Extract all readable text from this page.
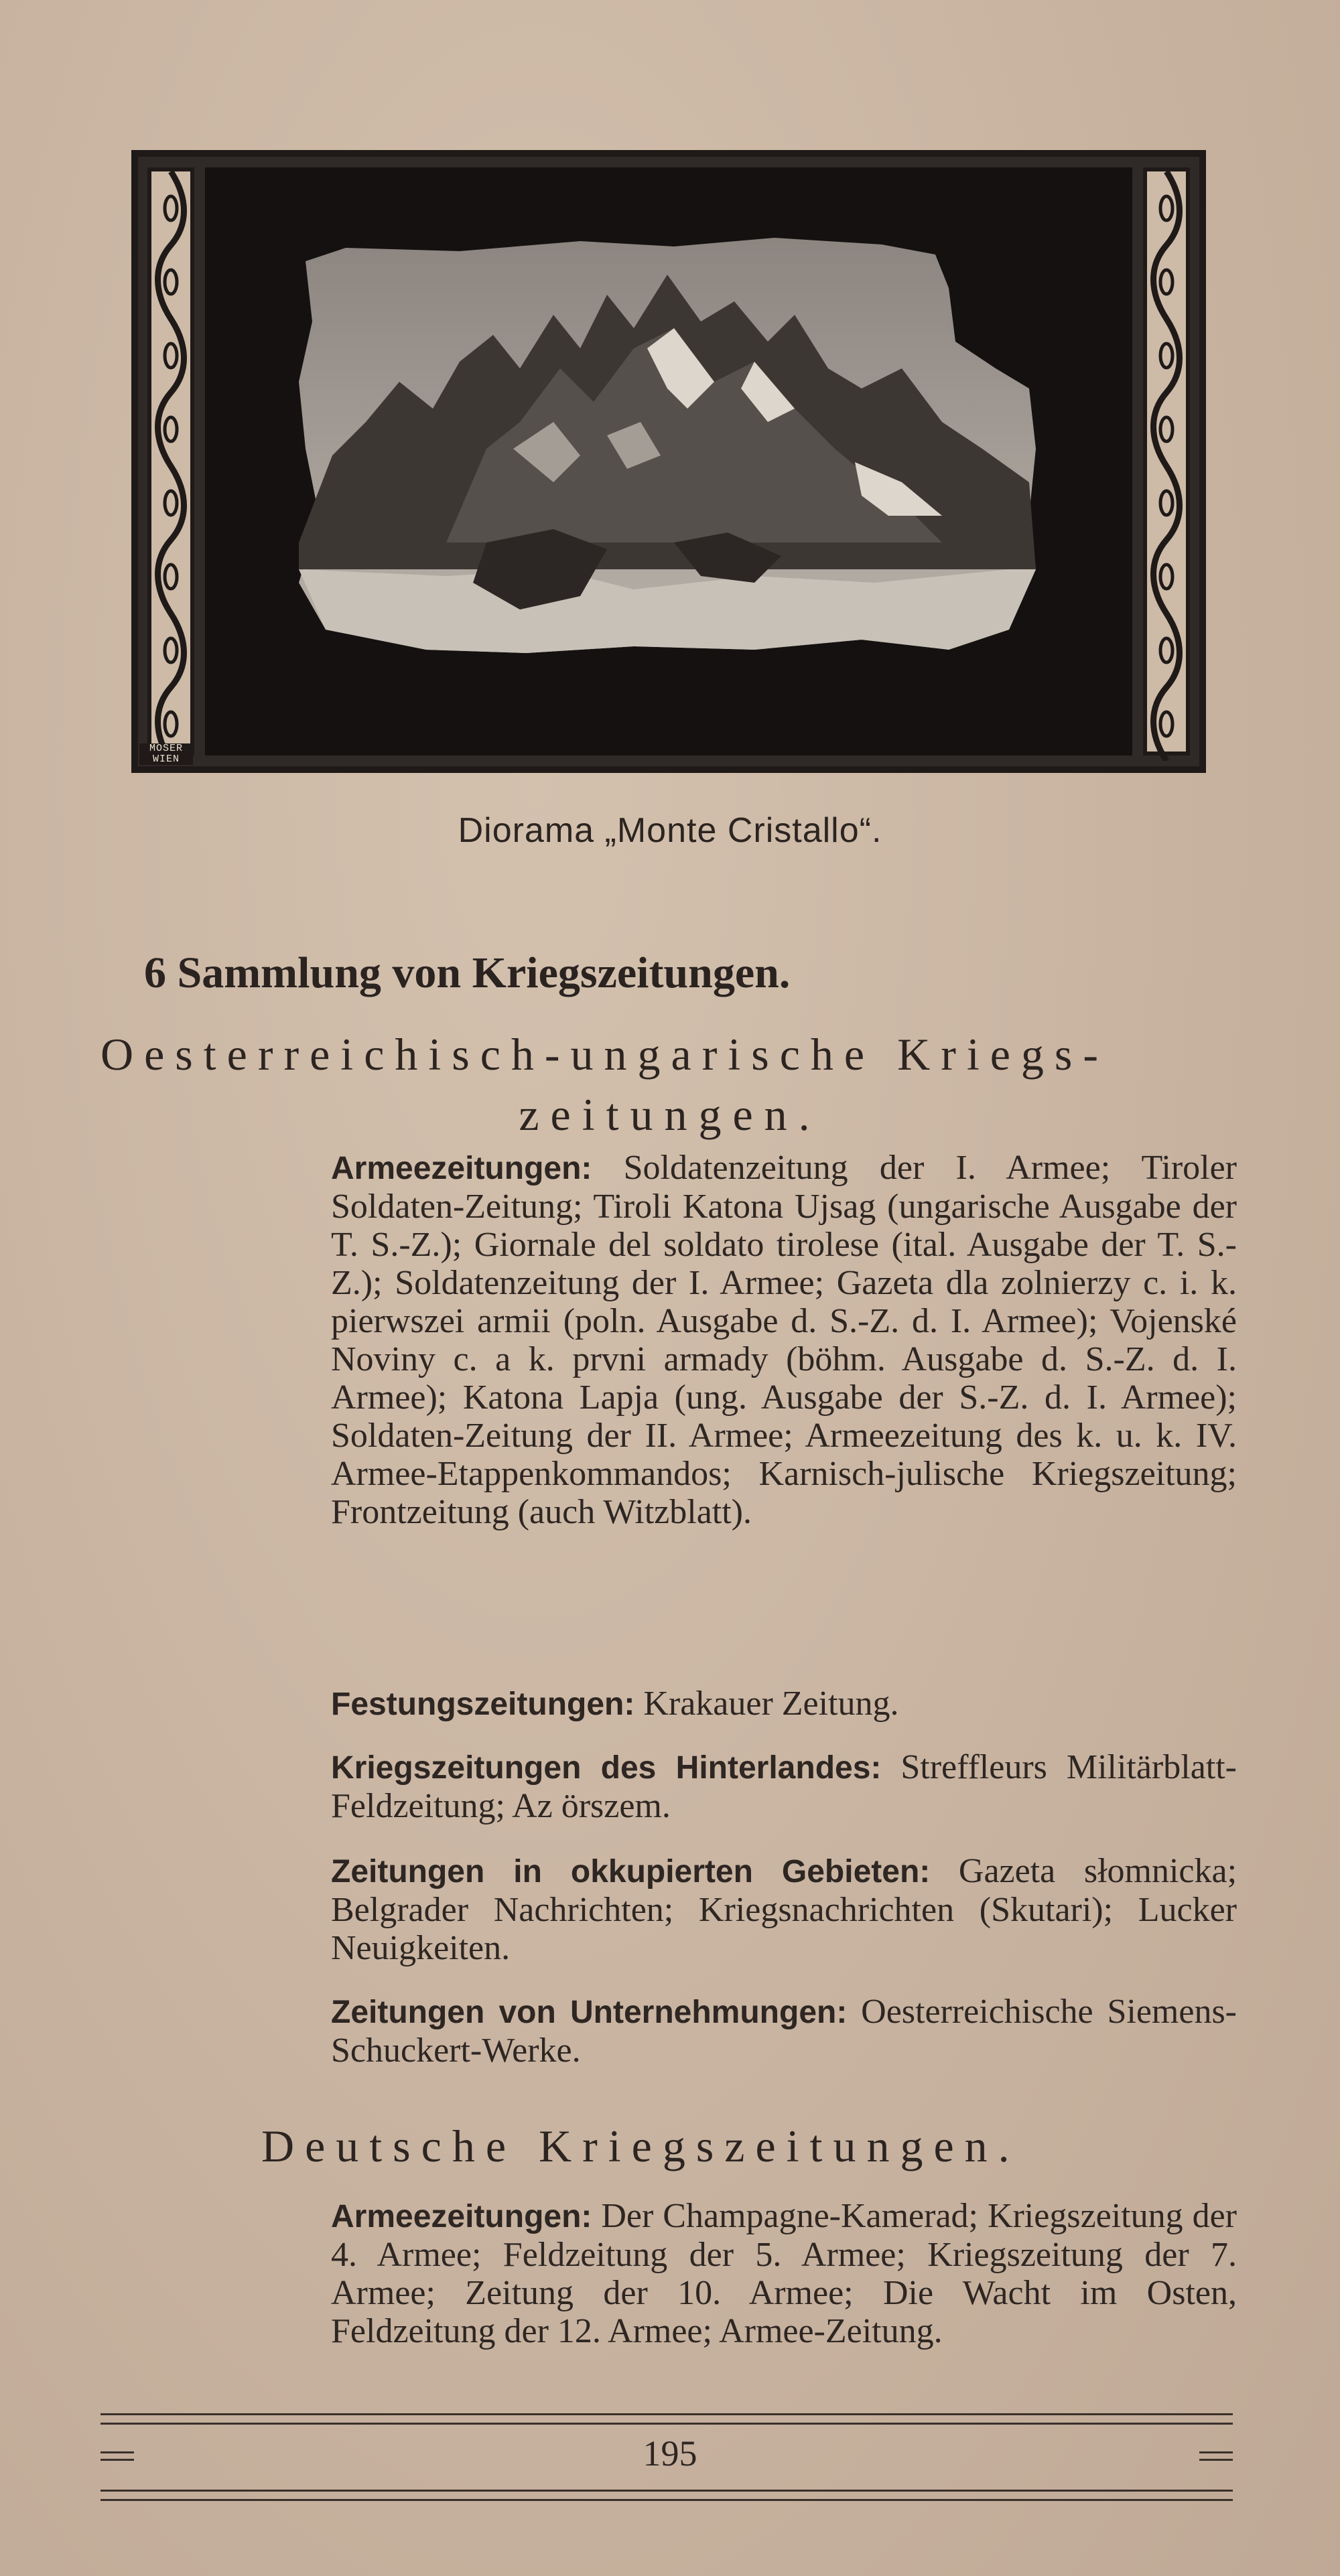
MOSER
WIEN
Diorama „Monte Cristallo“.
6 Sammlung von Kriegszeitungen.
Oesterreichisch-ungarische Kriegs-
zeitungen.
Armeezeitungen: Soldatenzeitung der I. Armee; Tiroler Soldaten-Zeitung; Tiroli Katona Ujsag (ungarische Ausgabe der T. S.-Z.); Giornale del soldato tirolese (ital. Ausgabe der T. S.-Z.); Soldatenzeitung der I. Armee; Gazeta dla zolnierzy c. i. k. pierwszei armii (poln. Ausgabe d. S.-Z. d. I. Armee); Vojenské Noviny c. a k. prvni armady (böhm. Ausgabe d. S.-Z. d. I. Armee); Katona Lapja (ung. Ausgabe der S.-Z. d. I. Armee); Soldaten-Zeitung der II. Armee; Armeezeitung des k. u. k. IV. Armee-Etappenkommandos; Karnisch-julische Kriegszeitung; Frontzeitung (auch Witzblatt).
Festungszeitungen: Krakauer Zeitung.
Kriegszeitungen des Hinterlandes: Streffleurs Militärblatt-Feldzeitung; Az örszem.
Zeitungen in okkupierten Gebieten: Gazeta słomnicka; Belgrader Nachrichten; Kriegsnachrichten (Skutari); Lucker Neuigkeiten.
Zeitungen von Unternehmungen: Oesterreichische Siemens-Schuckert-Werke.
Deutsche Kriegszeitungen.
Armeezeitungen: Der Champagne-Kamerad; Kriegszeitung der 4. Armee; Feldzeitung der 5. Armee; Kriegszeitung der 7. Armee; Zeitung der 10. Armee; Die Wacht im Osten, Feldzeitung der 12. Armee; Armee-Zeitung.
195
